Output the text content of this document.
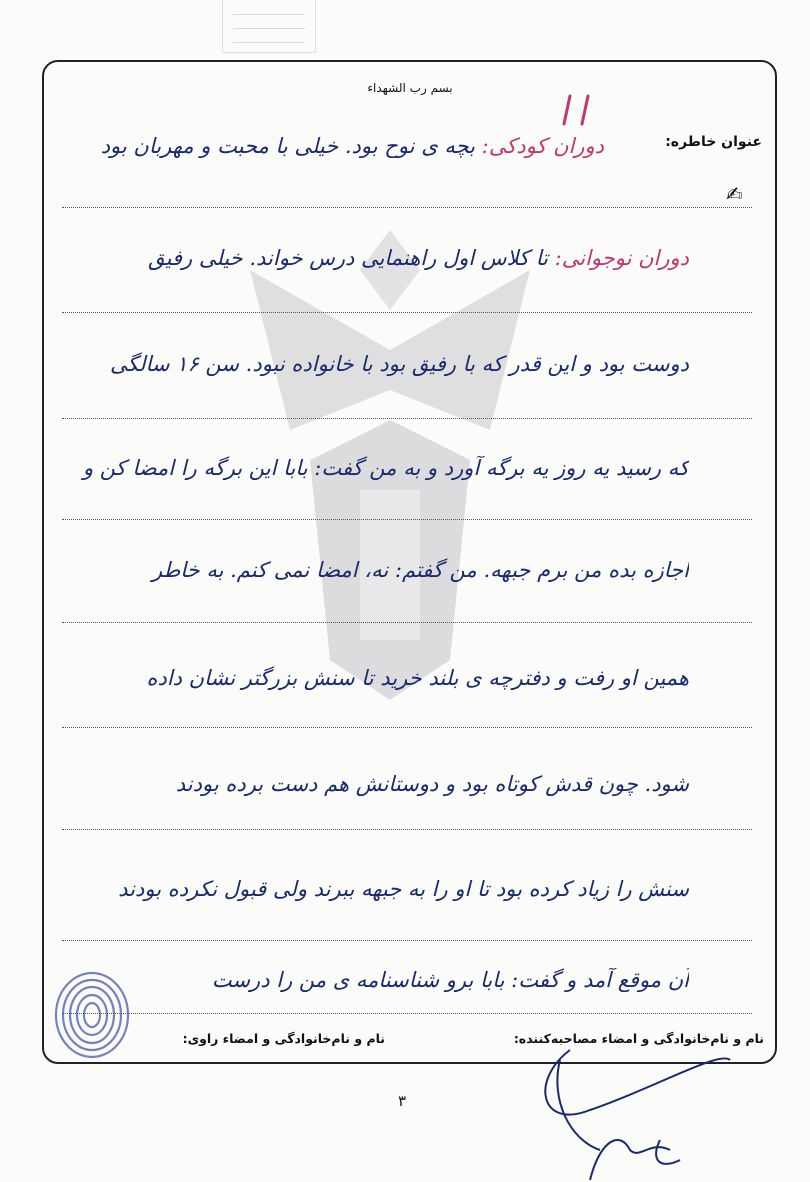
بسم رب الشهداء
عنوان خاطره:
✍
دوران کودکی: بچه ی نوح بود. خیلی با محبت و مهربان بود
دوران نوجوانی: تا کلاس اول راهنمایی درس خواند. خیلی رفیق
دوست بود و این قدر که با رفیق بود با خانواده نبود. سن ۱۶ سالگی
که رسید یه روز یه برگه آورد و به من گفت: بابا این برگه را امضا کن و
اجازه بده من برم جبهه. من گفتم: نه، امضا نمی کنم. به خاطر
همین او رفت و دفترچه ی بلند خرید تا سنش بزرگتر نشان داده
شود. چون قدش کوتاه بود و دوستانش هم دست برده بودند
سنش را زیاد کرده بود تا او را به جبهه ببرند ولی قبول نکرده بودند
آن موقع آمد و گفت: بابا برو شناسنامه ی من را درست
نام و نام‌خانوادگی و امضاء مصاحبه‌کننده:
نام و نام‌خانوادگی و امضاء راوی:
۳
